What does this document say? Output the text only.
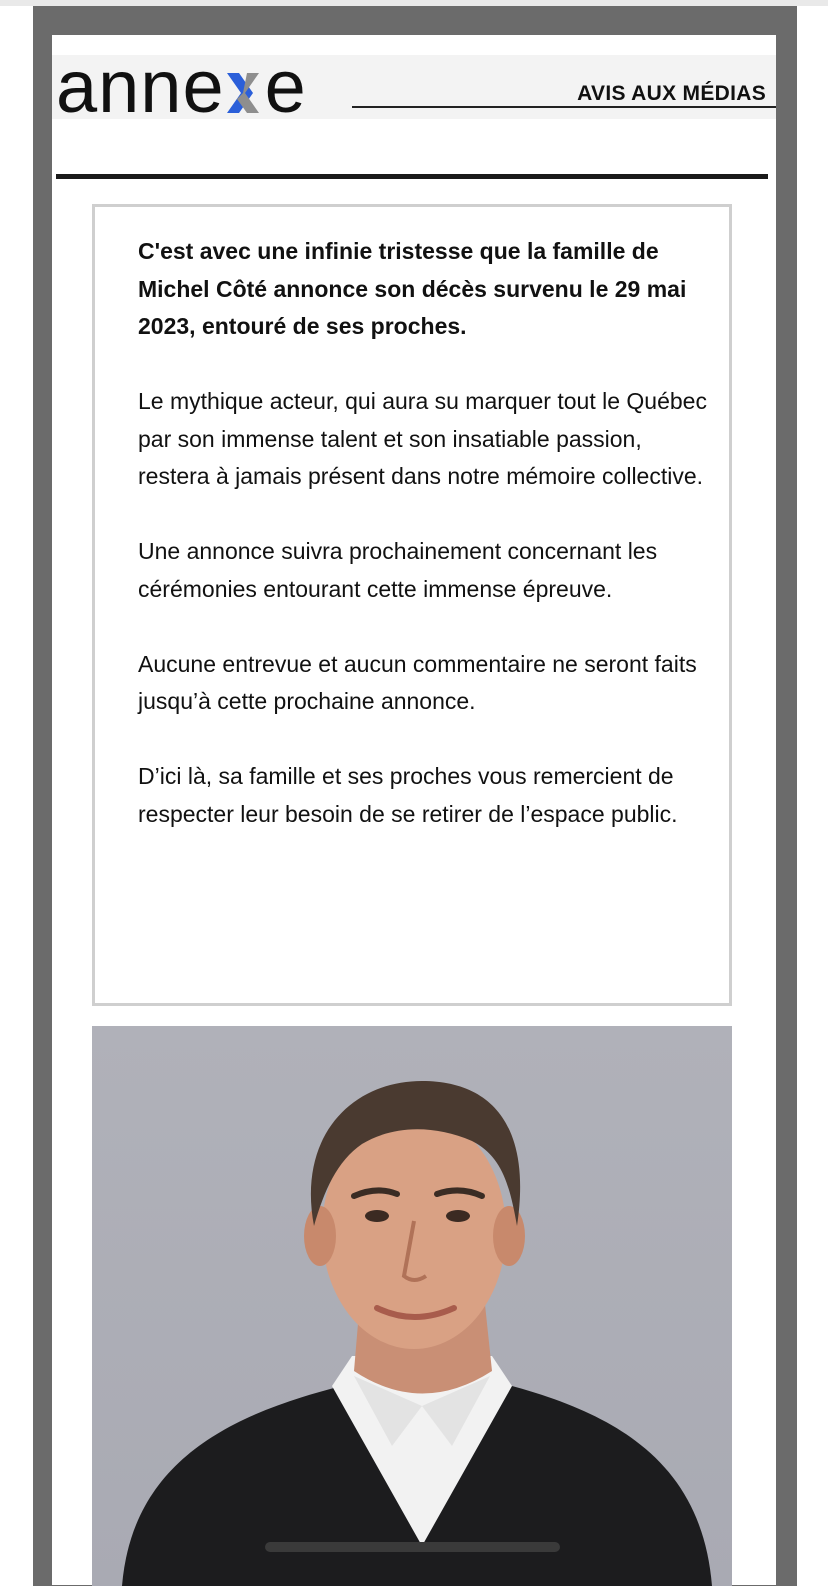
anne e	AVIS AUX MÉDIAS

C'est avec une infinie tristesse que la famille de Michel Côté annonce son décès survenu le 29 mai 2023, entouré de ses proches.

Le mythique acteur, qui aura su marquer tout le Québec par son immense talent et son insatiable passion, restera à jamais présent dans notre mémoire collective.

Une annonce suivra prochainement concernant les cérémonies entourant cette immense épreuve.

Aucune entrevue et aucun commentaire ne seront faits jusqu’à cette prochaine annonce.

D’ici là, sa famille et ses proches vous remercient de respecter leur besoin de se retirer de l’espace public.
